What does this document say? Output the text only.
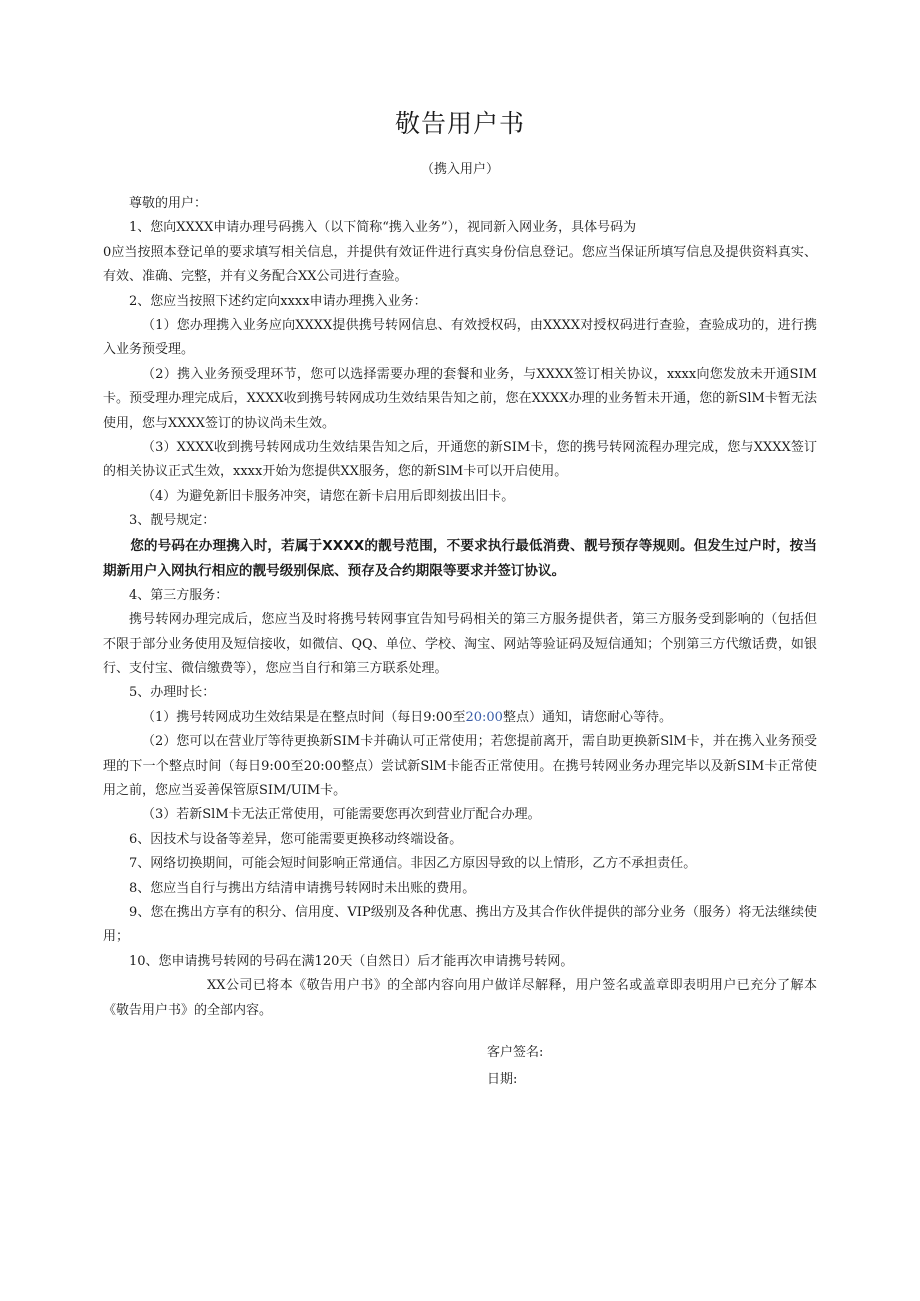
敬告用户书

（携入用户）

尊敬的用户：

1、您向XXXX申请办理号码携入（以下简称“携入业务”），视同新入网业务，具体号码为

0应当按照本登记单的要求填写相关信息，并提供有效证件进行真实身份信息登记。您应当保证所填写信息及提供资料真实、有效、准确、完整，并有义务配合XX公司进行查验。

2、您应当按照下述约定向xxxx申请办理携入业务：

（1）您办理携入业务应向XXXX提供携号转网信息、有效授权码，由XXXX对授权码进行查验，查验成功的，进行携入业务预受理。

（2）携入业务预受理环节，您可以选择需要办理的套餐和业务，与XXXX签订相关协议，xxxx向您发放未开通SIM卡。预受理办理完成后，XXXX收到携号转网成功生效结果告知之前，您在XXXX办理的业务暂未开通，您的新SlM卡暂无法使用，您与XXXX签订的协议尚未生效。

（3）XXXX收到携号转网成功生效结果告知之后，开通您的新SIM卡，您的携号转网流程办理完成，您与XXXX签订的相关协议正式生效，xxxx开始为您提供XX服务，您的新SlM卡可以开启使用。

（4）为避免新旧卡服务冲突，请您在新卡启用后即刻拔出旧卡。

3、靓号规定：

您的号码在办理携入时，若属于XXXX的靓号范围，不要求执行最低消费、靓号预存等规则。但发生过户时，按当期新用户入网执行相应的靓号级别保底、预存及合约期限等要求并签订协议。

4、第三方服务：

携号转网办理完成后，您应当及时将携号转网事宜告知号码相关的第三方服务提供者，第三方服务受到影响的（包括但不限于部分业务使用及短信接收，如微信、QQ、单位、学校、淘宝、网站等验证码及短信通知；个别第三方代缴话费，如银行、支付宝、微信缴费等），您应当自行和第三方联系处理。

5、办理时长：

（1）携号转网成功生效结果是在整点时间（每日9:00至20:00整点）通知，请您耐心等待。

（2）您可以在营业厅等待更换新SIM卡并确认可正常使用；若您提前离开，需自助更换新SlM卡，并在携入业务预受理的下一个整点时间（每日9:00至20:00整点）尝试新SlM卡能否正常使用。在携号转网业务办理完毕以及新SIM卡正常使用之前，您应当妥善保管原SIM/UIM卡。

（3）若新SlM卡无法正常使用，可能需要您再次到营业厅配合办理。

6、因技术与设备等差异，您可能需要更换移动终端设备。

7、网络切换期间，可能会短时间影响正常通信。非因乙方原因导致的以上情形，乙方不承担责任。

8、您应当自行与携出方结清申请携号转网时未出账的费用。

9、您在携出方享有的积分、信用度、VIP级别及各种优惠、携出方及其合作伙伴提供的部分业务（服务）将无法继续使用；

10、您申请携号转网的号码在满120天（自然日）后才能再次申请携号转网。

XX公司已将本《敬告用户书》的全部内容向用户做详尽解释，用户签名或盖章即表明用户已充分了解本《敬告用户书》的全部内容。

客户签名:

日期:
